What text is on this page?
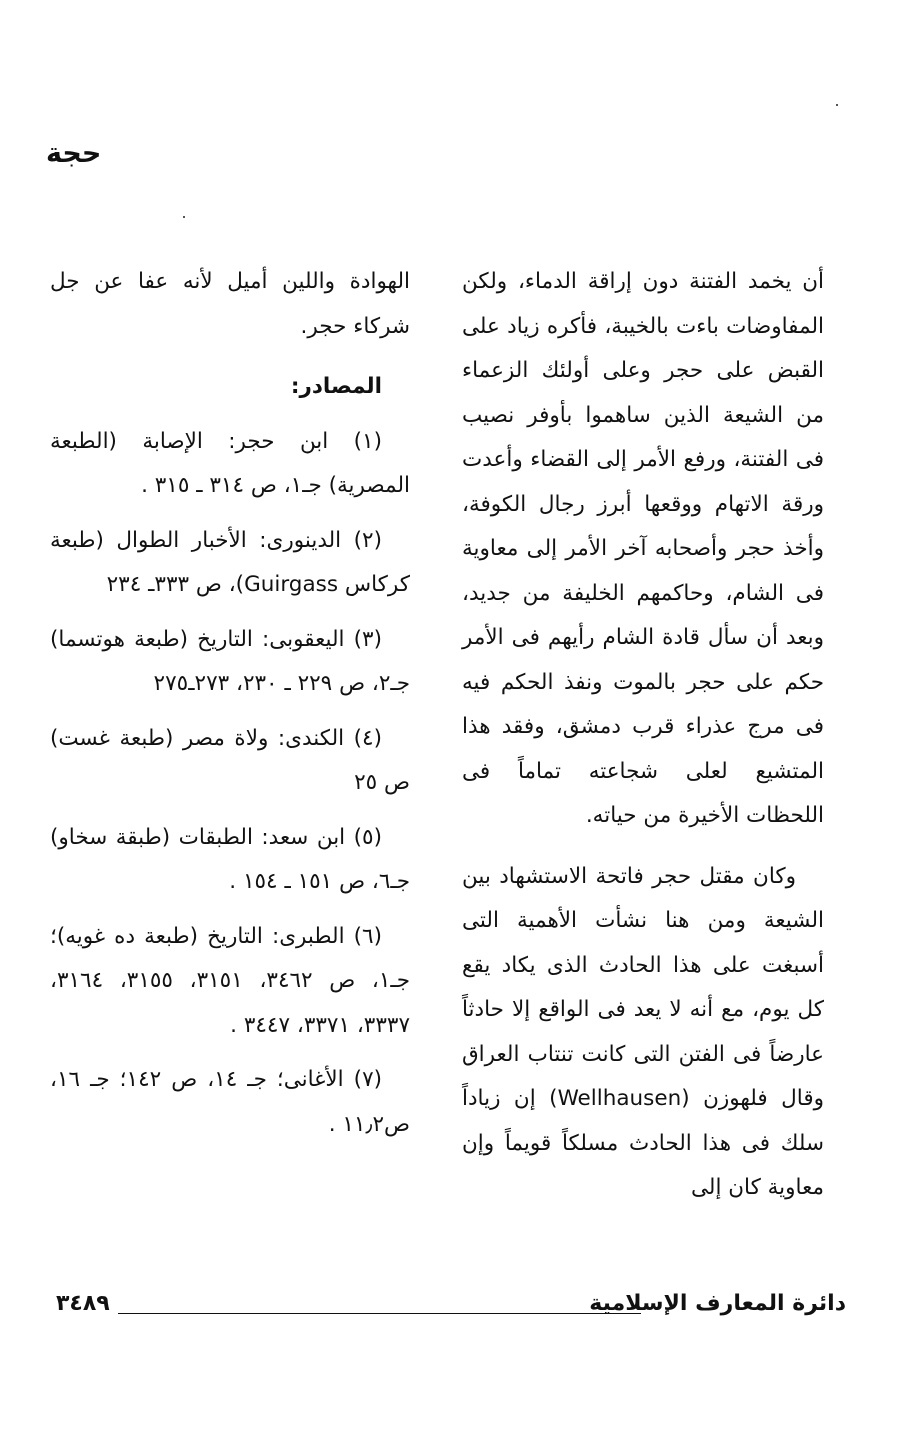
حجة

أن يخمد الفتنة دون إراقة الدماء، ولكن المفاوضات باءت بالخيبة، فأكره زياد على القبض على حجر وعلى أولئك الزعماء من الشيعة الذين ساهموا بأوفر نصيب فى الفتنة، ورفع الأمر إلى القضاء وأعدت ورقة الاتهام ووقعها أبرز رجال الكوفة، وأخذ حجر وأصحابه آخر الأمر إلى معاوية فى الشام، وحاكمهم الخليفة من جديد، وبعد أن سأل قادة الشام رأيهم فى الأمر حكم على حجر بالموت ونفذ الحكم فيه فى مرج عذراء قرب دمشق، وفقد هذا المتشيع لعلى شجاعته تماماً فى اللحظات الأخيرة من حياته.

وكان مقتل حجر فاتحة الاستشهاد بين الشيعة ومن هنا نشأت الأهمية التى أسبغت على هذا الحادث الذى يكاد يقع كل يوم، مع أنه لا يعد فى الواقع إلا حادثاً عارضاً فى الفتن التى كانت تنتاب العراق وقال فلهوزن (Wellhausen) إن زياداً سلك فى هذا الحادث مسلكاً قويماً وإن معاوية كان إلى

الهوادة واللين أميل لأنه عفا عن جل شركاء حجر.

المصادر:

(١) ابن حجر: الإصابة (الطبعة المصرية) جـ١، ص ٣١٤ ـ ٣١٥ .

(٢) الدينورى: الأخبار الطوال (طبعة كركاس Guirgass)، ص ٣٣٣ـ ٢٣٤

(٣) اليعقوبى: التاريخ (طبعة هوتسما) جـ٢، ص ٢٢٩ ـ ٢٣٠، ٢٧٣ـ٢٧٥

(٤) الكندى: ولاة مصر (طبعة غست) ص ٢٥

(٥) ابن سعد: الطبقات (طبقة سخاو) جـ٦، ص ١٥١ ـ ١٥٤ .

(٦) الطبرى: التاريخ (طبعة ده غويه)؛ جـ١، ص ٣٤٦٢، ٣١٥١، ٣١٥٥، ٣١٦٤، ٣٣٣٧، ٣٣٧١، ٣٤٤٧ .

(٧) الأغانى؛ جـ ١٤، ص ١٤٢؛ جـ ١٦، ص١١٫٢ .

دائرة المعارف الإسلامية
٣٤٨٩
